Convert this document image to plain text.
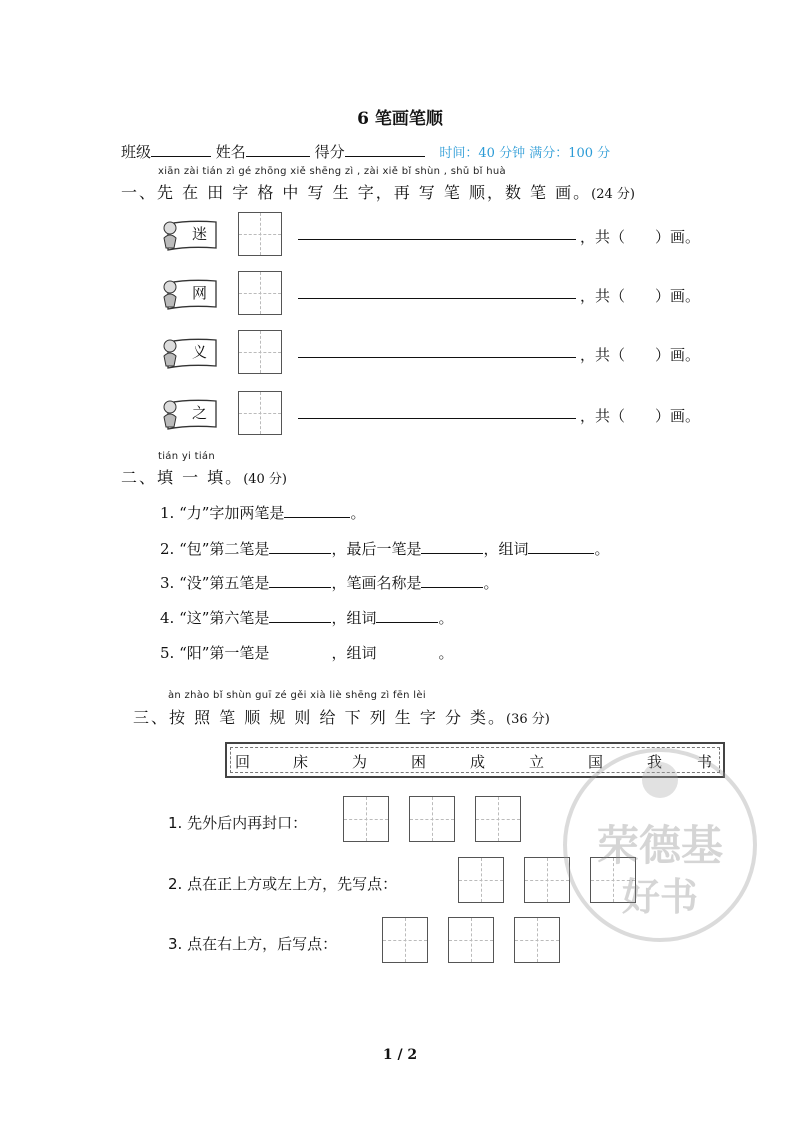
6 笔画笔顺
班级	姓名	得分	时间：40 分钟 满分：100 分
xiān zài tián zì gé zhōng xiě shēng zì , zài xiě bǐ shùn , shǔ bǐ huà
一、先 在 田 字 格 中 写 生 字，再 写 笔 顺，数 笔 画。(24 分)
迷	，共（　　）画。
网	，共（　　）画。
义	，共（　　）画。
之	，共（　　）画。
tián yi tián
二、填 一 填。(40 分)
1. “力”字加两笔是	。
2. “包”第二笔是	，最后一笔是	，组词	。
3. “没”第五笔是	，笔画名称是	。
4. “这”第六笔是	，组词	。
5. “阳”第一笔是	，组词	。
àn zhào bǐ shùn guī zé gěi xià liè shēng zì fēn lèi
三、按 照 笔 顺 规 则 给 下 列 生 字 分 类。(36 分)
回	床	为	困	成	立	国	我 书
1. 先外后内再封口：
2. 点在正上方或左上方，先写点：
3. 点在右上方，后写点：
荣德基
好书
1 / 2
